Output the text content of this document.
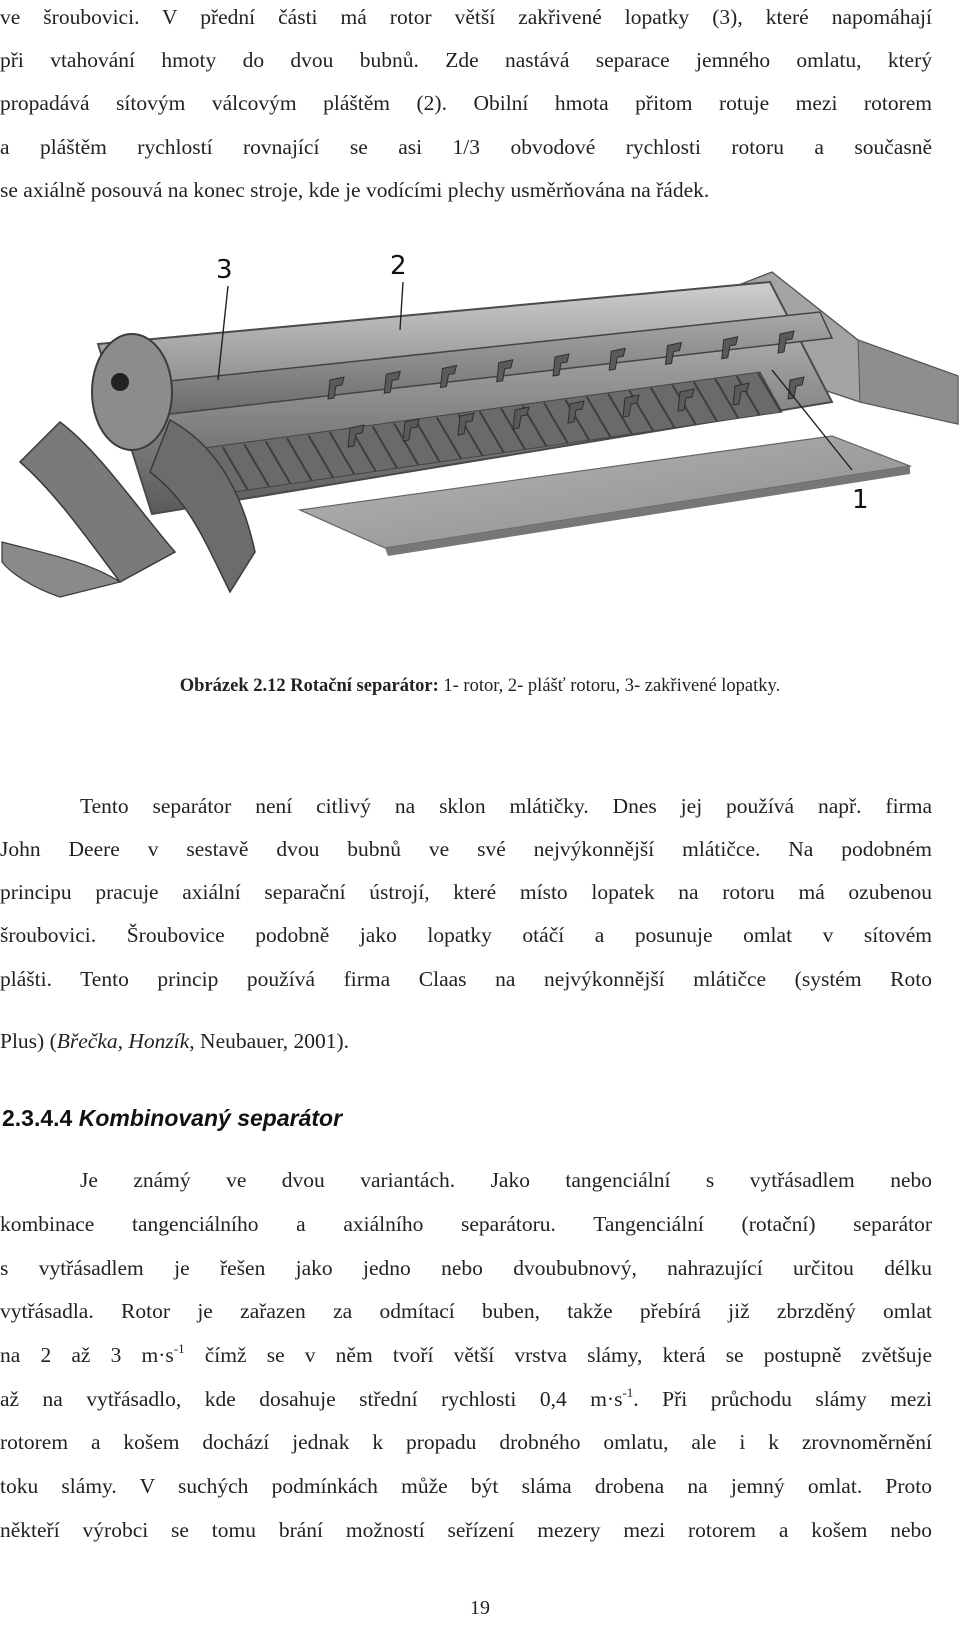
ve šroubovici. V přední části má rotor větší zakřivené lopatky (3), které napomáhají
při vtahování hmoty do dvou bubnů. Zde nastává separace jemného omlatu, který
propadává sítovým válcovým pláštěm (2). Obilní hmota přitom rotuje mezi rotorem
a pláštěm rychlostí rovnající se asi 1/3 obvodové rychlosti rotoru a současně
se axiálně posouvá na konec stroje, kde je vodícími plechy usměrňována na řádek.
3	2
1
Obrázek 2.12 Rotační separátor: 1- rotor, 2- plášť rotoru, 3- zakřivené lopatky.
Tento separátor není citlivý na sklon mlátičky. Dnes jej používá např. firma
John Deere v sestavě dvou bubnů ve své nejvýkonnější mlátičce. Na podobném
principu pracuje axiální separační ústrojí, které místo lopatek na rotoru má ozubenou
šroubovici. Šroubovice podobně jako lopatky otáčí a posunuje omlat v sítovém
plášti. Tento princip používá firma Claas na nejvýkonnější mlátičce (systém Roto
Plus) (Břečka, Honzík, Neubauer, 2001).
2.3.4.4 Kombinovaný separátor
Je známý ve dvou variantách. Jako tangenciální s vytřásadlem nebo
kombinace tangenciálního a axiálního separátoru. Tangenciální (rotační) separátor
s vytřásadlem je řešen jako jedno nebo dvoububnový, nahrazující určitou délku
vytřásadla. Rotor je zařazen za odmítací buben, takže přebírá již zbrzděný omlat
na 2 až 3 $m\cdot s^{-1}$ čímž se v něm tvoří větší vrstva slámy, která se postupně zvětšuje
až na vytřásadlo, kde dosahuje střední rychlosti 0,4 $m\cdot s^{-1}$. Při průchodu slámy mezi
rotorem a košem dochází jednak k propadu drobného omlatu, ale i k zrovnoměrnění
toku slámy. V suchých podmínkách může být sláma drobena na jemný omlat. Proto
někteří výrobci se tomu brání možností seřízení mezery mezi rotorem a košem nebo
19
